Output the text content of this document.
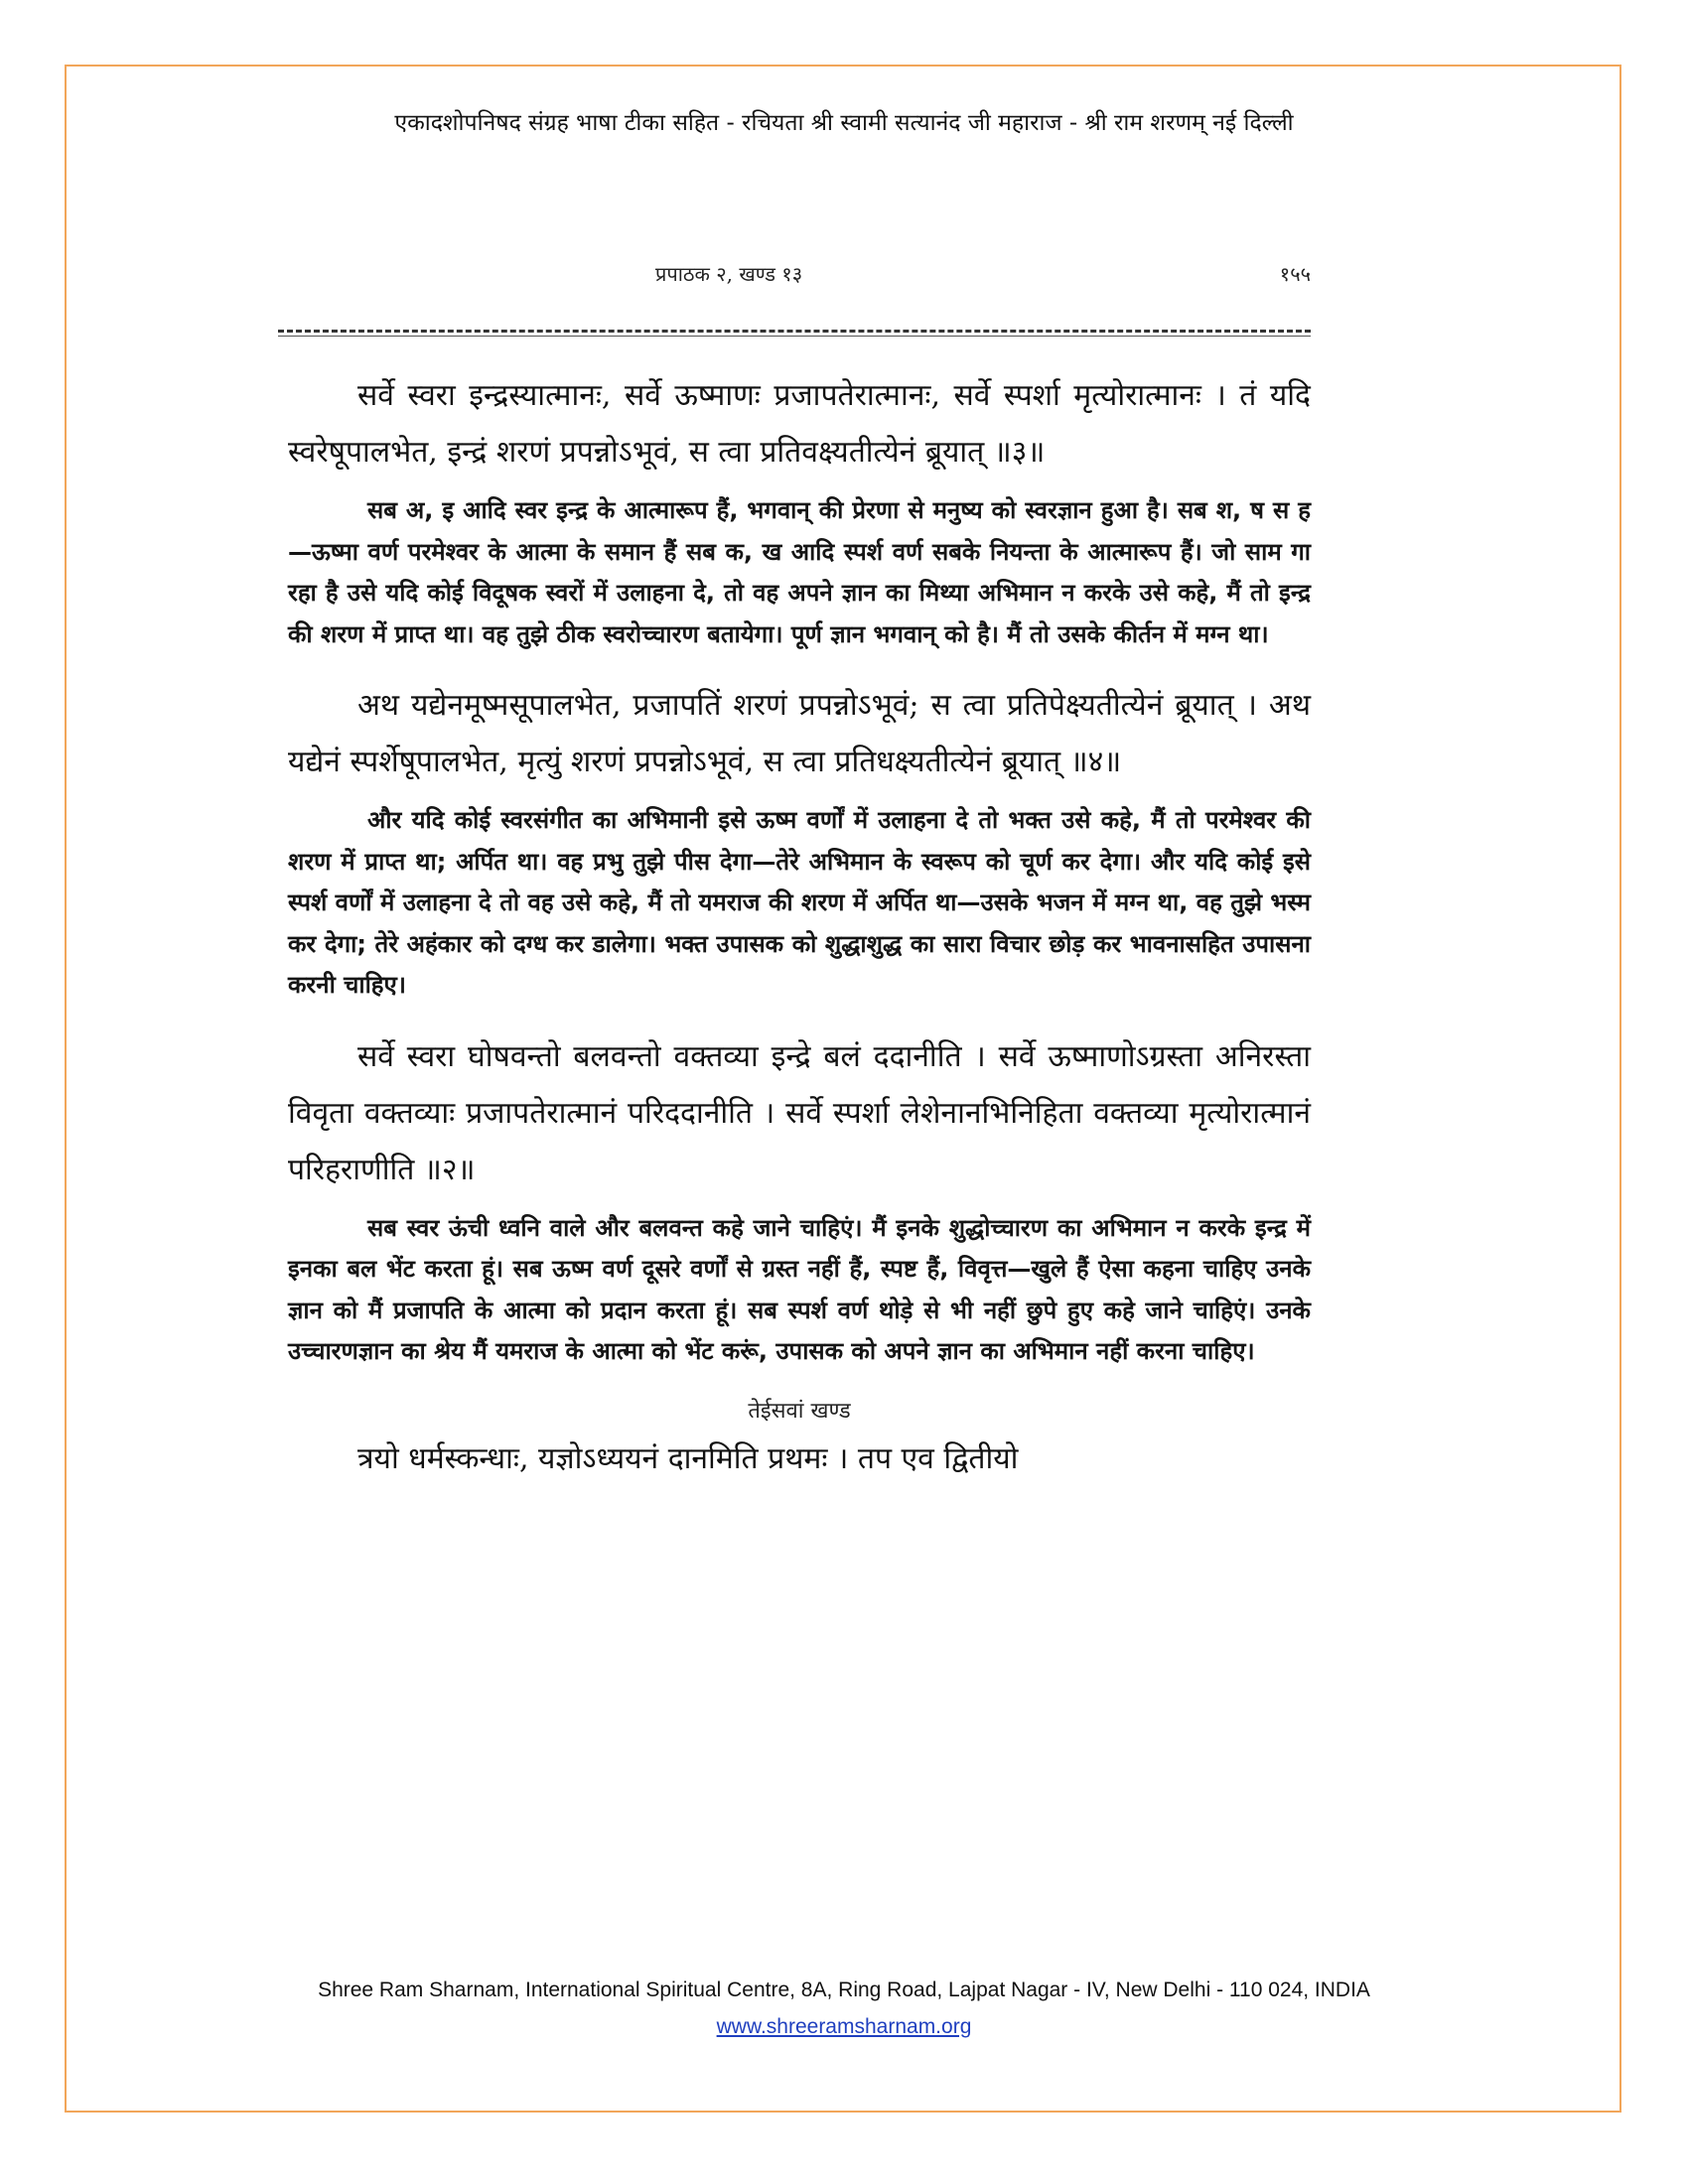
एकादशोपनिषद संग्रह भाषा टीका सहित - रचियता श्री स्वामी सत्यानंद जी महाराज - श्री राम शरणम् नई दिल्ली
प्रपाठक २, खण्ड १३	१५५

सर्वे स्वरा इन्द्रस्यात्मानः, सर्वे ऊष्माणः प्रजापतेरात्मानः, सर्वे स्पर्शा मृत्योरात्मानः । तं यदि स्वरेषूपालभेत, इन्द्रं शरणं प्रपन्नोऽभूवं, स त्वा प्रतिवक्ष्यतीत्येनं ब्रूयात् ॥३॥

सब अ, इ आदि स्वर इन्द्र के आत्मारूप हैं, भगवान् की प्रेरणा से मनुष्य को स्वरज्ञान हुआ है। सब श, ष स ह—ऊष्मा वर्ण परमेश्वर के आत्मा के समान हैं सब क, ख आदि स्पर्श वर्ण सबके नियन्ता के आत्मारूप हैं। जो साम गा रहा है उसे यदि कोई विदूषक स्वरों में उलाहना दे, तो वह अपने ज्ञान का मिथ्या अभिमान न करके उसे कहे, मैं तो इन्द्र की शरण में प्राप्त था। वह तुझे ठीक स्वरोच्चारण बतायेगा। पूर्ण ज्ञान भगवान् को है। मैं तो उसके कीर्तन में मग्न था।

अथ यद्येनमूष्मसूपालभेत, प्रजापतिं शरणं प्रपन्नोऽभूवं; स त्वा प्रतिपेक्ष्यतीत्येनं ब्रूयात् । अथ यद्येनं स्पर्शेषूपालभेत, मृत्युं शरणं प्रपन्नोऽभूवं, स त्वा प्रतिधक्ष्यतीत्येनं ब्रूयात् ॥४॥

और यदि कोई स्वरसंगीत का अभिमानी इसे ऊष्म वर्णों में उलाहना दे तो भक्त उसे कहे, मैं तो परमेश्वर की शरण में प्राप्त था; अर्पित था। वह प्रभु तुझे पीस देगा—तेरे अभिमान के स्वरूप को चूर्ण कर देगा। और यदि कोई इसे स्पर्श वर्णों में उलाहना दे तो वह उसे कहे, मैं तो यमराज की शरण में अर्पित था—उसके भजन में मग्न था, वह तुझे भस्म कर देगा; तेरे अहंकार को दग्ध कर डालेगा। भक्त उपासक को शुद्धाशुद्ध का सारा विचार छोड़ कर भावनासहित उपासना करनी चाहिए।

सर्वे स्वरा घोषवन्तो बलवन्तो वक्तव्या इन्द्रे बलं ददानीति । सर्वे ऊष्माणोऽग्रस्ता अनिरस्ता विवृता वक्तव्याः प्रजापतेरात्मानं परिददानीति । सर्वे स्पर्शा लेशेनानभिनिहिता वक्तव्या मृत्योरात्मानं परिहराणीति ॥२॥

सब स्वर ऊंची ध्वनि वाले और बलवन्त कहे जाने चाहिएं। मैं इनके शुद्धोच्चारण का अभिमान न करके इन्द्र में इनका बल भेंट करता हूं। सब ऊष्म वर्ण दूसरे वर्णों से ग्रस्त नहीं हैं, स्पष्ट हैं, विवृत्त—खुले हैं ऐसा कहना चाहिए उनके ज्ञान को मैं प्रजापति के आत्मा को प्रदान करता हूं। सब स्पर्श वर्ण थोड़े से भी नहीं छुपे हुए कहे जाने चाहिएं। उनके उच्चारणज्ञान का श्रेय मैं यमराज के आत्मा को भेंट करूं, उपासक को अपने ज्ञान का अभिमान नहीं करना चाहिए।

तेईसवां खण्ड

त्रयो धर्मस्कन्धाः, यज्ञोऽध्ययनं दानमिति प्रथमः । तप एव द्वितीयो

Shree Ram Sharnam, International Spiritual Centre, 8A, Ring Road, Lajpat Nagar - IV, New Delhi - 110 024, INDIA
www.shreeramsharnam.org
